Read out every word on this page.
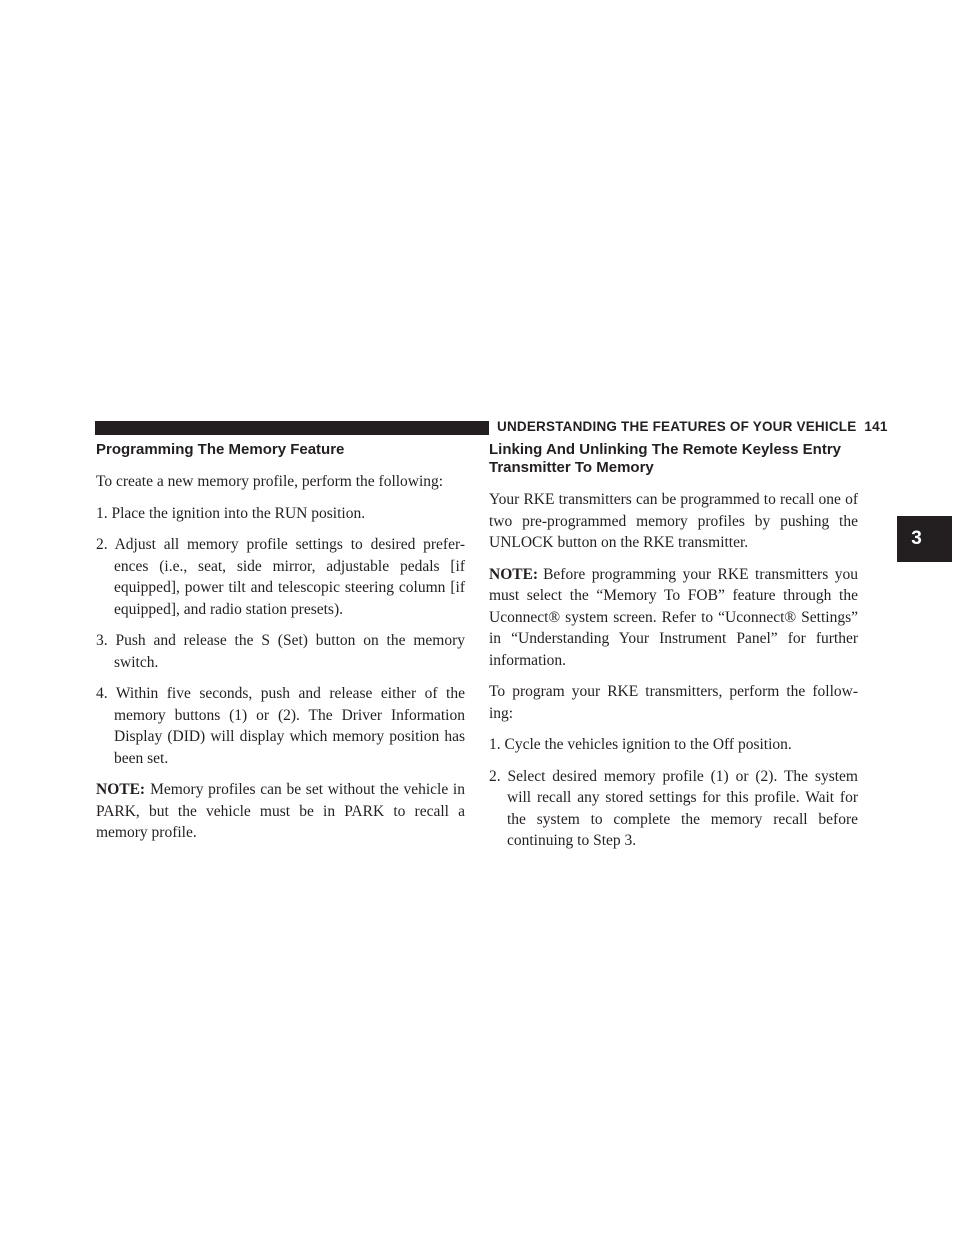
UNDERSTANDING THE FEATURES OF YOUR VEHICLE 141
3
Programming The Memory Feature

To create a new memory profile, perform the following:

1. Place the ignition into the RUN position.

2. Adjust all memory profile settings to desired prefer-ences (i.e., seat, side mirror, adjustable pedals [if equipped], power tilt and telescopic steering column [if equipped], and radio station presets).

3. Push and release the S (Set) button on the memory switch.

4. Within five seconds, push and release either of the memory buttons (1) or (2). The Driver Information Display (DID) will display which memory position has been set.

NOTE: Memory profiles can be set without the vehicle in PARK, but the vehicle must be in PARK to recall a memory profile.

Linking And Unlinking The Remote Keyless Entry Transmitter To Memory

Your RKE transmitters can be programmed to recall one of two pre-programmed memory profiles by pushing the UNLOCK button on the RKE transmitter.

NOTE: Before programming your RKE transmitters you must select the “Memory To FOB” feature through the Uconnect® system screen. Refer to “Uconnect® Settings” in “Understanding Your Instrument Panel” for further information.

To program your RKE transmitters, perform the follow-ing:

1. Cycle the vehicles ignition to the Off position.

2. Select desired memory profile (1) or (2). The system will recall any stored settings for this profile. Wait for the system to complete the memory recall before continuing to Step 3.
